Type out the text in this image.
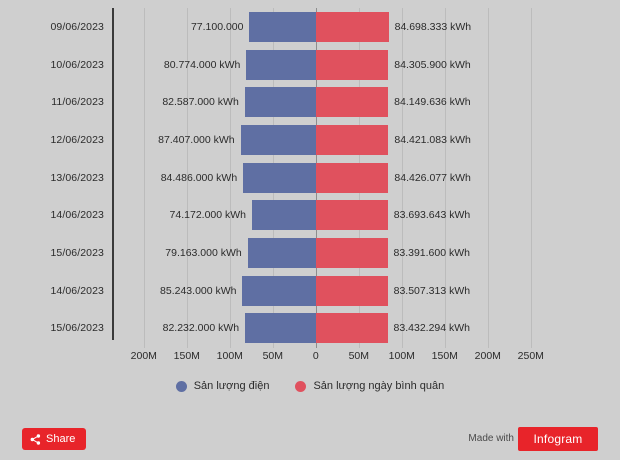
09/06/2023	77.100.000	84.698.333 kWh
10/06/2023	80.774.000 kWh	84.305.900 kWh
11/06/2023	82.587.000 kWh	84.149.636 kWh
12/06/2023	87.407.000 kWh	84.421.083 kWh
13/06/2023	84.486.000 kWh	84.426.077 kWh
14/06/2023	74.172.000 kWh	83.693.643 kWh
15/06/2023	79.163.000 kWh	83.391.600 kWh
14/06/2023	85.243.000 kWh	83.507.313 kWh
15/06/2023	82.232.000 kWh	83.432.294 kWh
200M 150M 100M 50M	0	50M 100M 150M 200M 250M
Sản lượng điện	Sản lượng ngày bình quân
Share	Made with	Infogram
